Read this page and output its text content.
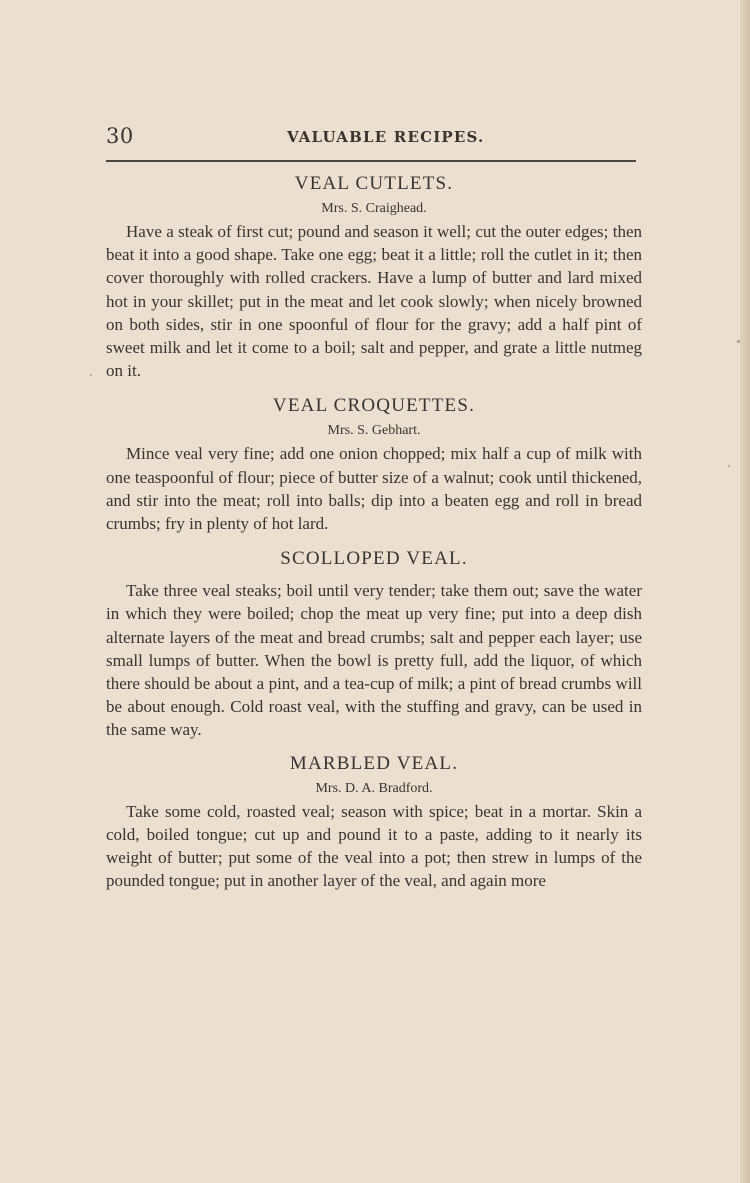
30	VALUABLE RECIPES.
VEAL CUTLETS.

Mrs. S. Craighead.

Have a steak of first cut; pound and season it well; cut the outer edges; then beat it into a good shape. Take one egg; beat it a little; roll the cutlet in it; then cover thoroughly with rolled crackers. Have a lump of butter and lard mixed hot in your skillet; put in the meat and let cook slowly; when nicely browned on both sides, stir in one spoonful of flour for the gravy; add a half pint of sweet milk and let it come to a boil; salt and pepper, and grate a little nutmeg on it.

VEAL CROQUETTES.

Mrs. S. Gebhart.

Mince veal very fine; add one onion chopped; mix half a cup of milk with one teaspoonful of flour; piece of butter size of a walnut; cook until thickened, and stir into the meat; roll into balls; dip into a beaten egg and roll in bread crumbs; fry in plenty of hot lard.

SCOLLOPED VEAL.

Take three veal steaks; boil until very tender; take them out; save the water in which they were boiled; chop the meat up very fine; put into a deep dish alternate layers of the meat and bread crumbs; salt and pepper each layer; use small lumps of butter. When the bowl is pretty full, add the liquor, of which there should be about a pint, and a tea-cup of milk; a pint of bread crumbs will be about enough. Cold roast veal, with the stuffing and gravy, can be used in the same way.

MARBLED VEAL.

Mrs. D. A. Bradford.

Take some cold, roasted veal; season with spice; beat in a mortar. Skin a cold, boiled tongue; cut up and pound it to a paste, adding to it nearly its weight of butter; put some of the veal into a pot; then strew in lumps of the pounded tongue; put in another layer of the veal, and again more
